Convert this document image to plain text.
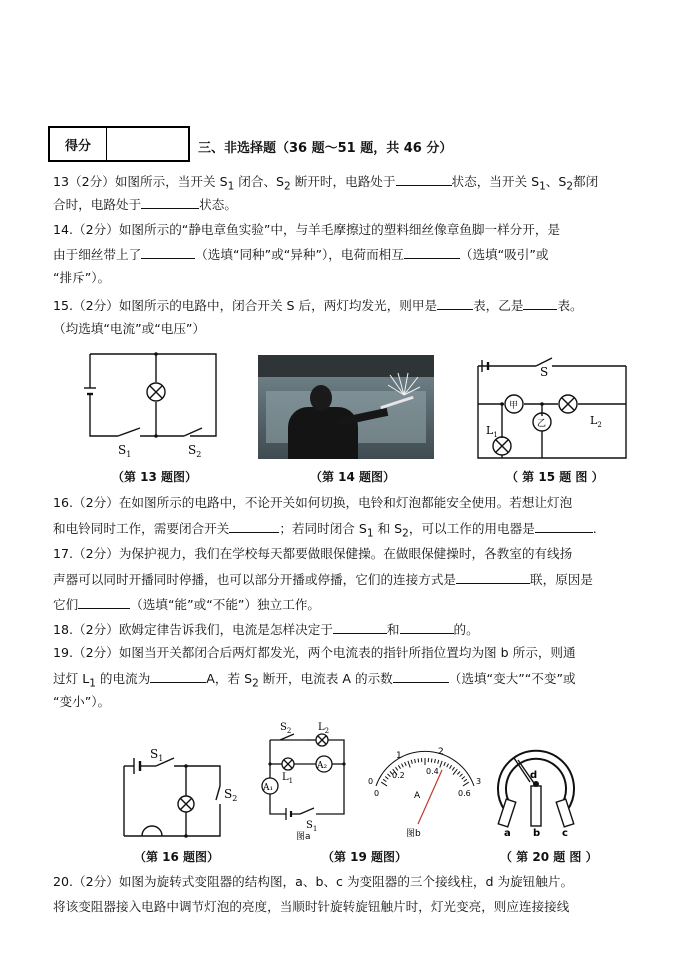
得分	三、非选择题（36 题～51 题，共 46 分）
13（2分）如图所示，当开关 $S_1$ 闭合、$S_2$ 断开时，电路处于	状态，当开关 $S_1$、$S_2$都闭
合时，电路处于	状态。
14.（2分）如图所示的“静电章鱼实验”中，与羊毛摩擦过的塑料细丝像章鱼脚一样分开，是
由于细丝带上了	（选填“同种”或“异种”），电荷而相互	（选填“吸引”或
“排斥”）。
15.（2分）如图所示的电路中，闭合开关 S 后，两灯均发光，则甲是	表，乙是	表。
（均选填“电流”或“电压”）
$S_1$	$S_2$
S
甲
乙
$L_1$
$L_2$
（第 13 题图）	（第 14 题图）	（ 第 15 题 图 ）
16.（2分）在如图所示的电路中，不论开关如何切换，电铃和灯泡都能安全使用。若想让灯泡
和电铃同时工作，需要闭合开关	；若同时闭合 $S_1$ 和 $S_2$，可以工作的用电器是	.
17.（2分）为保护视力，我们在学校每天都要做眼保健操。在做眼保健操时，各教室的有线扬
声器可以同时开播同时停播，也可以部分开播或停播，它们的连接方式是	联，原因是
它们	（选填“能”或“不能”）独立工作。
18.（2分）欧姆定律告诉我们，电流是怎样决定于	和	的。
19.（2分）如图当开关都闭合后两灯都发光，两个电流表的指针所指位置均为图 b 所示，则通
过灯 $L_1$ 的电流为	A，若 $S_2$ 断开，电流表 A 的示数	（选填“变大”“不变”或
“变小”）。
$S_1$
$S_2$
$S_2$	$L_2$
$L_1$
A₁
A₂
$S_1$
图a
1	2
0.2	0.4
0	3
0	0.6
A
图b
d
a b c
（第 16 题图）	（第 19 题图）	（ 第 20 题 图 ）
20.（2分）如图为旋转式变阻器的结构图，a、b、c 为变阻器的三个接线柱，d 为旋钮触片。
将该变阻器接入电路中调节灯泡的亮度，当顺时针旋转旋钮触片时，灯光变亮，则应连接接线
